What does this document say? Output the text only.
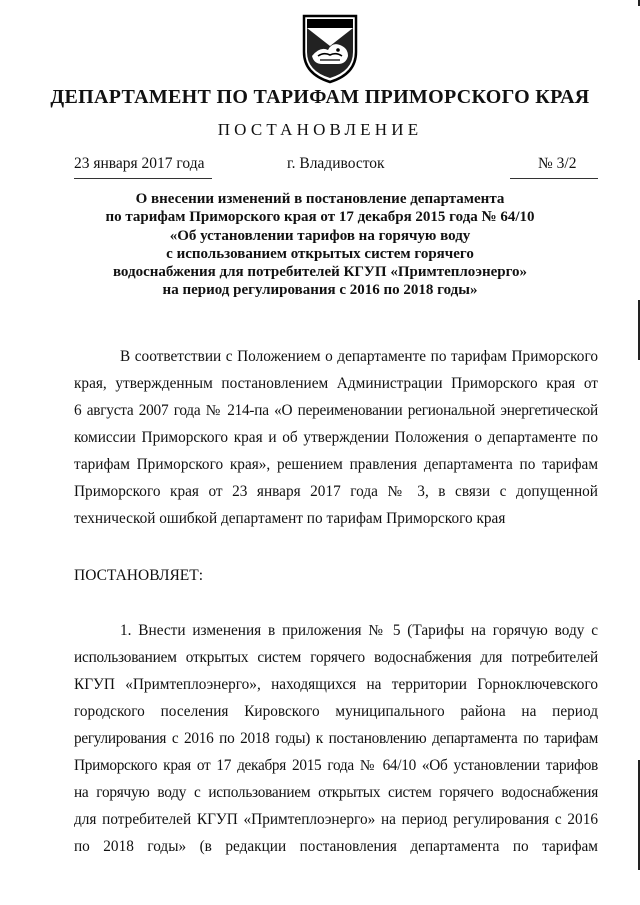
ДЕПАРТАМЕНТ ПО ТАРИФАМ ПРИМОРСКОГО КРАЯ
ПОСТАНОВЛЕНИЕ
23 января 2017 года	г. Владивосток	№ 3/2
О внесении изменений в постановление департамента
по тарифам Приморского края от 17 декабря 2015 года № 64/10
«Об установлении тарифов на горячую воду
с использованием открытых систем горячего
водоснабжения для потребителей КГУП «Примтеплоэнерго»
на период регулирования с 2016 по 2018 годы»
В соответствии с Положением о департаменте по тарифам Приморского
края, утвержденным постановлением Администрации Приморского края от
6 августа 2007 года № 214-па «О переименовании региональной энергетической
комиссии Приморского края и об утверждении Положения о департаменте по
тарифам Приморского края», решением правления департамента по тарифам
Приморского края от 23 января 2017 года № 3, в связи с допущенной
технической ошибкой департамент по тарифам Приморского края
ПОСТАНОВЛЯЕТ:
1. Внести изменения в приложения № 5 (Тарифы на горячую воду с
использованием открытых систем горячего водоснабжения для потребителей
КГУП «Примтеплоэнерго», находящихся на территории Горноключевского
городского поселения Кировского муниципального района на период
регулирования с 2016 по 2018 годы) к постановлению департамента по тарифам
Приморского края от 17 декабря 2015 года № 64/10 «Об установлении тарифов
на горячую воду с использованием открытых систем горячего водоснабжения
для потребителей КГУП «Примтеплоэнерго» на период регулирования с 2016
по 2018 годы» (в редакции постановления департамента по тарифам
